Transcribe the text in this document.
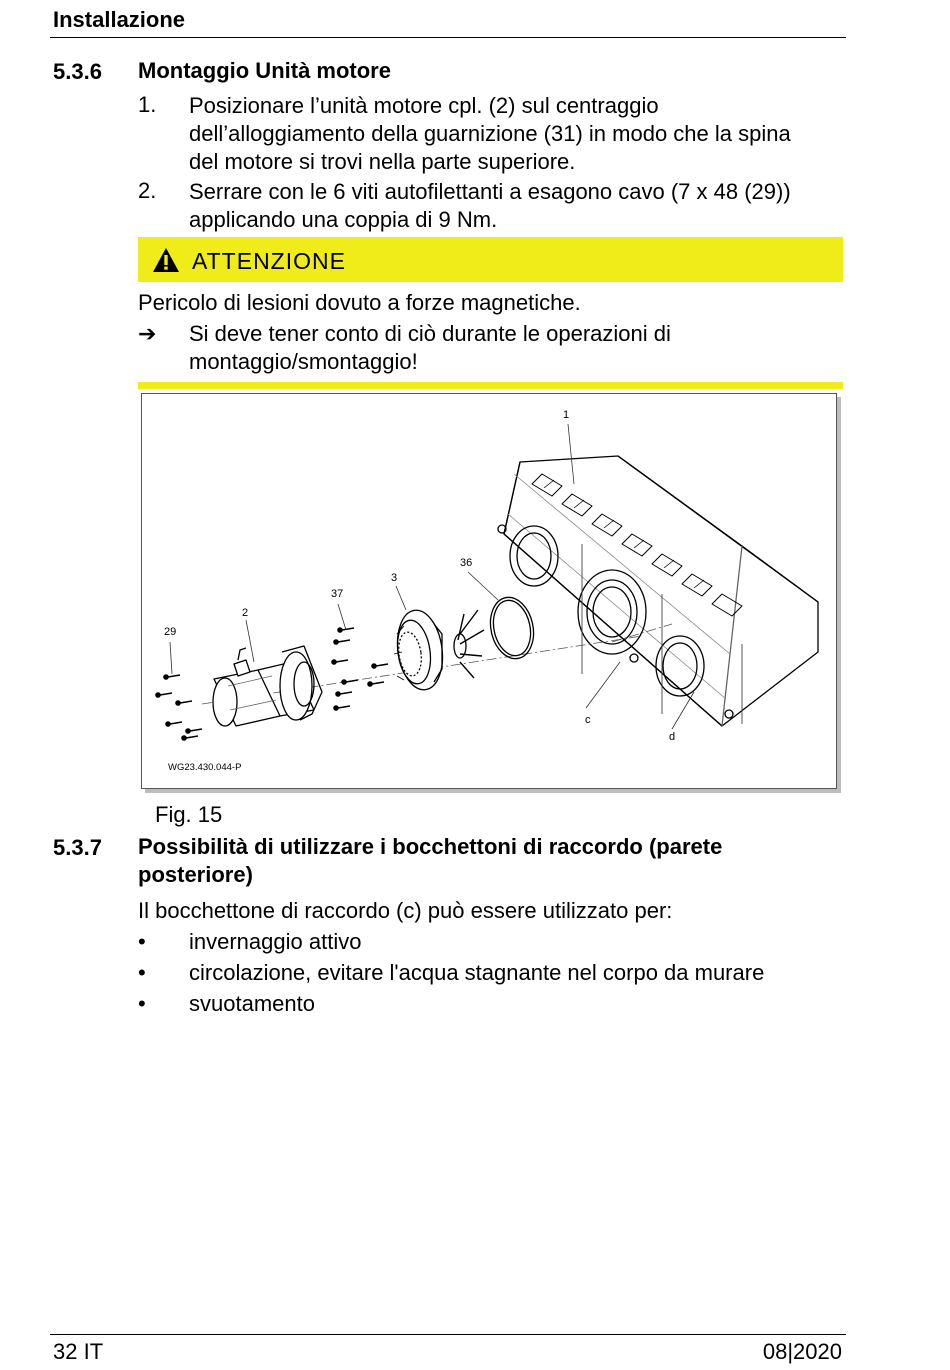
Installazione
5.3.6 Montaggio Unità motore
1. Posizionare l’unità motore cpl. (2) sul centraggio dell’alloggiamento della guarnizione (31) in modo che la spina del motore si trovi nella parte superiore.
2. Serrare con le 6 viti autofilettanti a esagono cavo (7 x 48 (29)) applicando una coppia di 9 Nm.
ATTENZIONE
Pericolo di lesioni dovuto a forze magnetiche.
➔ Si deve tener conto di ciò durante le operazioni di montaggio/smontaggio!
1
2
3
29
36
37
c
d
WG23.430.044-P
Fig. 15
5.3.7 Possibilità di utilizzare i bocchettoni di raccordo (parete posteriore)
Il bocchettone di raccordo (c) può essere utilizzato per:
• invernaggio attivo
• circolazione, evitare l'acqua stagnante nel corpo da murare
• svuotamento
32 IT	08|2020
